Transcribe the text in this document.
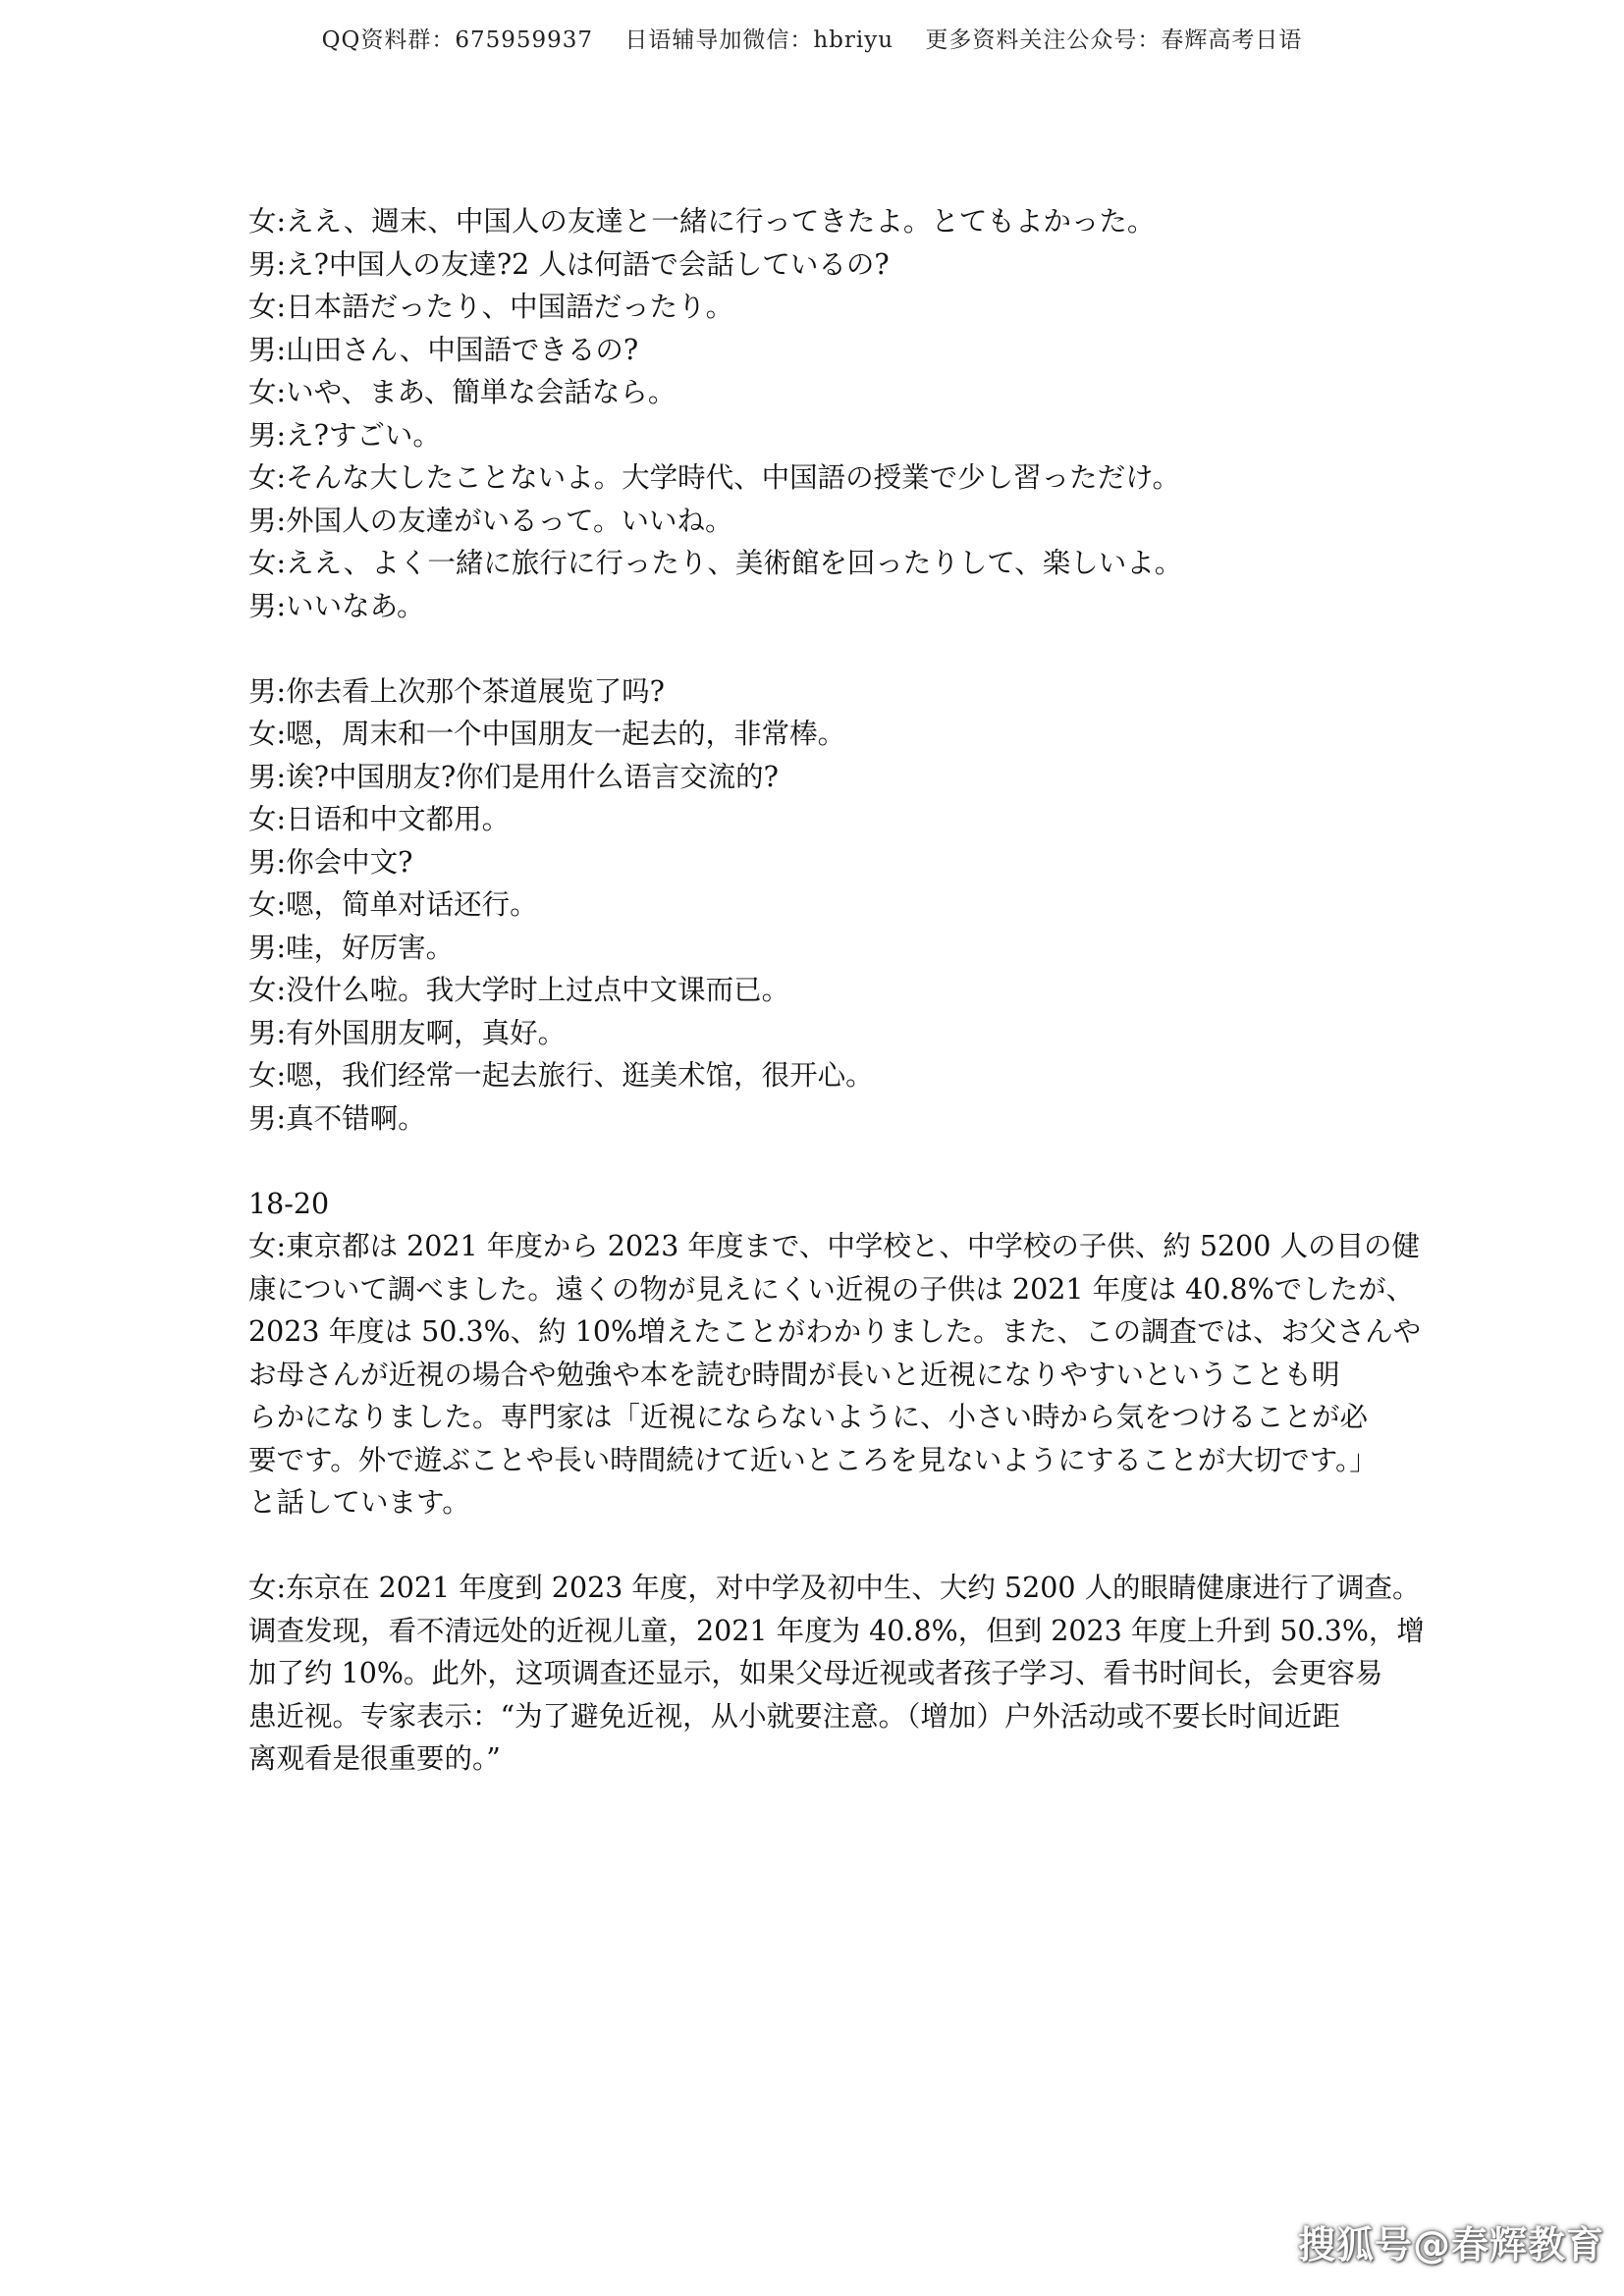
QQ资料群：675959937 日语辅导加微信：hbriyu 更多资料关注公众号：春辉高考日语
女:ええ、週末、中国人の友達と一緒に行ってきたよ。とてもよかった。
男:え?中国人の友達?2 人は何語で会話しているの?
女:日本語だったり、中国語だったり。
男:山田さん、中国語できるの?
女:いや、まあ、簡単な会話なら。
男:え?すごい。
女:そんな大したことないよ。大学時代、中国語の授業で少し習っただけ。
男:外国人の友達がいるって。いいね。
女:ええ、よく一緒に旅行に行ったり、美術館を回ったりして、楽しいよ。
男:いいなあ。
男:你去看上次那个茶道展览了吗?
女:嗯，周末和一个中国朋友一起去的，非常棒。
男:诶?中国朋友?你们是用什么语言交流的?
女:日语和中文都用。
男:你会中文?
女:嗯，简单对话还行。
男:哇，好厉害。
女:没什么啦。我大学时上过点中文课而已。
男:有外国朋友啊，真好。
女:嗯，我们经常一起去旅行、逛美术馆，很开心。
男:真不错啊。
18-20
女:東京都は 2021 年度から 2023 年度まで、中学校と、中学校の子供、約 5200 人の目の健
康について調べました。遠くの物が見えにくい近視の子供は 2021 年度は 40.8%でしたが、
2023 年度は 50.3%、約 10%増えたことがわかりました。また、この調査では、お父さんや
お母さんが近視の場合や勉強や本を読む時間が長いと近視になりやすいということも明
らかになりました。専門家は「近視にならないように、小さい時から気をつけることが必
要です。外で遊ぶことや長い時間続けて近いところを見ないようにすることが大切です。」
と話しています。
女:东京在 2021 年度到 2023 年度，对中学及初中生、大约 5200 人的眼睛健康进行了调查。
调查发现，看不清远处的近视儿童，2021 年度为 40.8%，但到 2023 年度上升到 50.3%，增
加了约 10%。此外，这项调查还显示，如果父母近视或者孩子学习、看书时间长，会更容易
患近视。专家表示：“为了避免近视，从小就要注意。（增加）户外活动或不要长时间近距
离观看是很重要的。”
搜狐号@春辉教育
